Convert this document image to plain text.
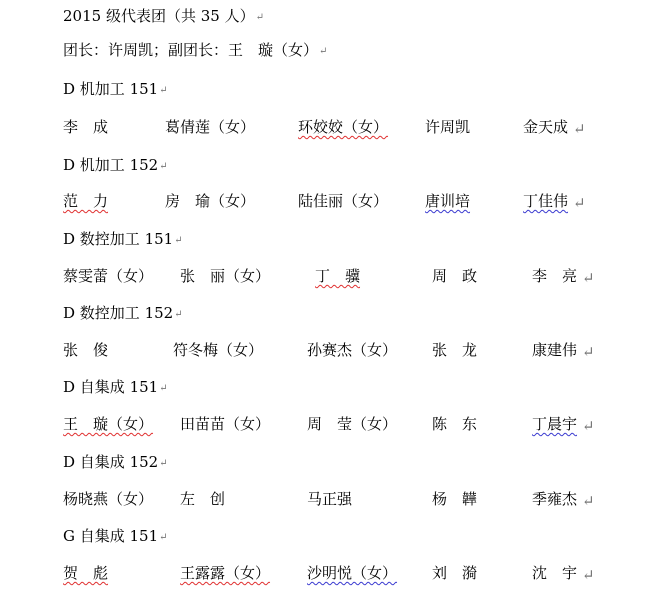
2015 级代表团（共 35 人）↵
团长：许周凯；副团长：王　璇（女）↵
D 机加工 151↵
李　成	葛倩莲（女）	环姣姣（女） 许周凯	金天成 ↵
D 机加工 152↵
范　力	房　瑜（女）	陆佳丽（女） 唐训培	丁佳伟 ↵
D 数控加工 151↵
蔡雯蕾（女） 张　丽（女）	丁　骥	周　政	李　亮 ↵
D 数控加工 152↵
张　俊	符冬梅（女）	孙赛杰（女） 张　龙	康建伟 ↵
D 自集成 151↵
王　璇（女） 田苗苗（女） 周　莹（女） 陈　东	丁晨宇 ↵
D 自集成 152↵
杨晓燕（女） 左　创	马正强	杨　韡	季雍杰 ↵
G 自集成 151↵
贺　彪	王露露（女） 沙明悦（女） 刘　漪	沈　宇 ↵
